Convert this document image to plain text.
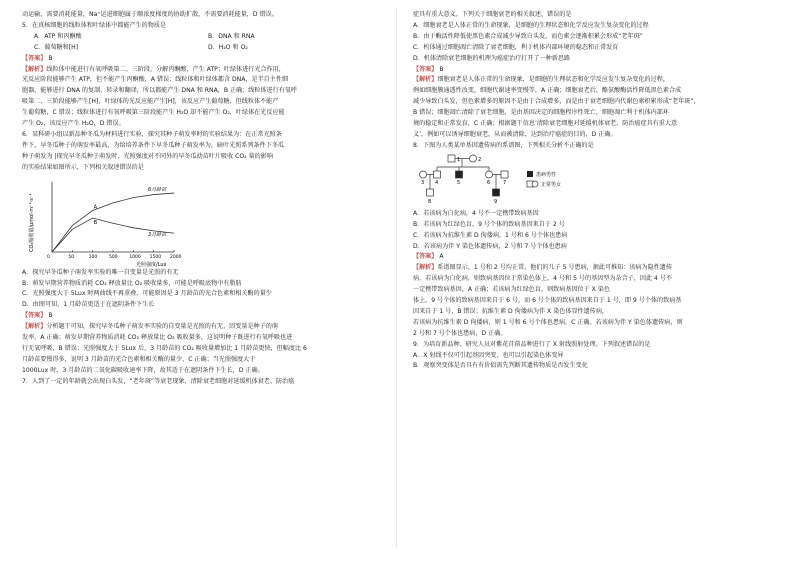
动运输，需要消耗能量，Na⁺运进细胞属于顺浓度梯度的协助扩散，不需要消耗能量，D 错误。

5．在真核细胞的线粒体和叶绿体中都能产生的物质是

A．ATP 和丙酮酸	B．DNA 和 RNA
C．葡萄糖和[H]	D．H₂O 和 O₂

【答案】 B

【解析】线粒体中能进行有氧呼吸第二、三阶段，分解丙酮酸，产生 ATP；叶绿体进行光合作用，

光反应阶段能够产生 ATP，但不能产生丙酮酸，A 错误；线粒体和叶绿体都含 DNA，是半自主性细

胞器，能够进行 DNA 的复制、转录和翻译，所以都能产生 DNA 和 RNA，B 正确；线粒体进行有氧呼

吸第二、三阶段能够产生[H]，叶绿体的光反应能产生[H]，该反应产生葡萄糖，但线粒体不能产

生葡萄糖，C 错误；线粒体进行有氧呼吸第三阶段能产生 H₂O 却不能产生 O₂，叶绿体在光反应能

产生 O₂，该反应产生 H₂O，D 错误。

6．某科研小组以新品种冬瓜为材料进行实验，探究其种子萌发率时的实验结果为：在正常光照条

件下，早冬瓜种子的萌发率最高，为给培养条件下早冬瓜种子萌发率为，暗叶光照系列条件下冬瓜

种子萌发为 |探究早冬瓜种子萌发时，光照强度对不同外的早冬瓜幼苗叶片吸收 CO₂ 量的影响

的实验结果如图所示，下列相关叙述错误的是

CO₂吸收量/μmol·m⁻²·s⁻¹
光照强度/Lux
50	100	500	1000 1500 2000
0
6月龄苗
3月龄苗
A
B

A．探究早冬瓜种子萌发率实验的唯一自变量是光照的有无

B．萌发早期营养物质消耗 CO₂ 释放量比 O₂ 吸收量多，可能是呼吸底物中有脂肪

C．光照强度大于 5Lux 时两曲线不再重叠，可能原因是 3 月龄苗的光合色素和相关酶的量少

D．由图可知，1 月龄苗更适于在遮阴条件下生长

【答案】 B

【解析】分析题干可知，探究早冬瓜种子萌发率实验的自变量是光照的有无，因变量是种子的萌

发率，A 正确；萌发早期营养物质消耗 CO₂ 释放量比 O₂ 吸收量多，这说明种子既进行有氧呼吸也进

行无氧呼吸，B 错误；光照强度大于 5Lux 后，3 月龄苗的 CO₂ 吸收量增加比 1 月龄苗更快，但幅度比 6

月龄苗要慢得多，说明 3 月龄苗的光合色素和相关酶的量少，C 正确；当光照强度大于

1000Lux 时，3 月龄苗的二氧化碳吸收速率下降，故其适于在遮阴条件下生长，D 正确。

7．人到了一定的年龄就会出现白头发，“老年斑”等衰老现象，清除衰老细胞对延缓机体衰老、防治癌

症具有重大意义。下列关于细胞衰老的相关叙述，错误的是

A．细胞衰老是人体正常的生命现象，是细胞的生理状态和化学反应发生复杂变化的过程

B．由于酶活性降低使黑色素合成减少导致白头发，而色素会逐渐积累会形成“老年斑”

C．机体通过细胞凋亡清除了衰老细胞，利于机体内部环境的稳态和正常发育

D．机体清除衰老细胞的机理为癌症治疗打开了一种新思路

【答案】 B

【解析】细胞衰老是人体正常的生命现象，是细胞的生理状态和化学反应发生复杂变化的过程，

例如细胞膜通透性改变，细胞代谢速率变慢等，A 正确；细胞衰老后，酪氨酸酶活性降低黑色素合成

减少导致白头发，但色素增多的原因不是由于合成增多，而是由于衰老细胞内代谢色素积累形成“老年斑”，

B 错误；细胞凋亡清除了衰老细胞，是由基因决定的细胞程序性死亡，细胞凋亡利于机体内部环

境的稳定和正常发育，C 正确；根据题干信息‘清除衰老细胞对延缓机体衰老、防治癌症具有重大意

义’，例如可以诱导细胞衰老，从而被清除，达到治疗癌症的目的，D 正确。

8．下图为人类某单基因遗传病的系谱图，下列相关分析不正确的是

1	2
3 4	5	6	7
8	9
患病男性
正常男女

A．若该病为白化病，4 号不一定携带致病基因

B．若该病为红绿色盲，9 号个体的致病基因来自于 2 号

C．若该病为抗维生素 D 佝偻病，1 号和 6 号个体也患病

D．若该病为伴 Y 染色体遗传病，2 号和 7 号个体也患病

【答案】 A

【解析】系谱图显示，1 号和 2 号均正常，他们的儿子 5 号患病，据此可推知：该病为隐性遗传

病，若该病为白化病，则致病基因位于常染色体上，4 号和 5 号的基因型为杂合子，因此 4 号不

一定携带致病基因，A 正确；若该病为红绿色盲，则致病基因位于 X 染色

体上，9 号个体的致病基因来自于 6 号，而 6 号个体的致病基因来自于 1 号，即 9 号个体的致病基

因来自于 1 号，B 错误；抗维生素 D 佝偻病为伴 X 染色体显性遗传病，

若该病为抗维生素 D 佝偻病，则 1 号和 6 号个体也患病，C 正确。若该病为伴 Y 染色体遗传病，则

2 号和 7 号个体也患病，D 正确。

9．为培育新品种，研究人员对紫花苜蓿品种进行了 X 射线照射处理。下列叙述错误的是

A．X 射线不仅可引起基因突变，也可以引起染色体变异

B．观察突变体是否具有有价值需先判断其遗传物质是否发生变化
